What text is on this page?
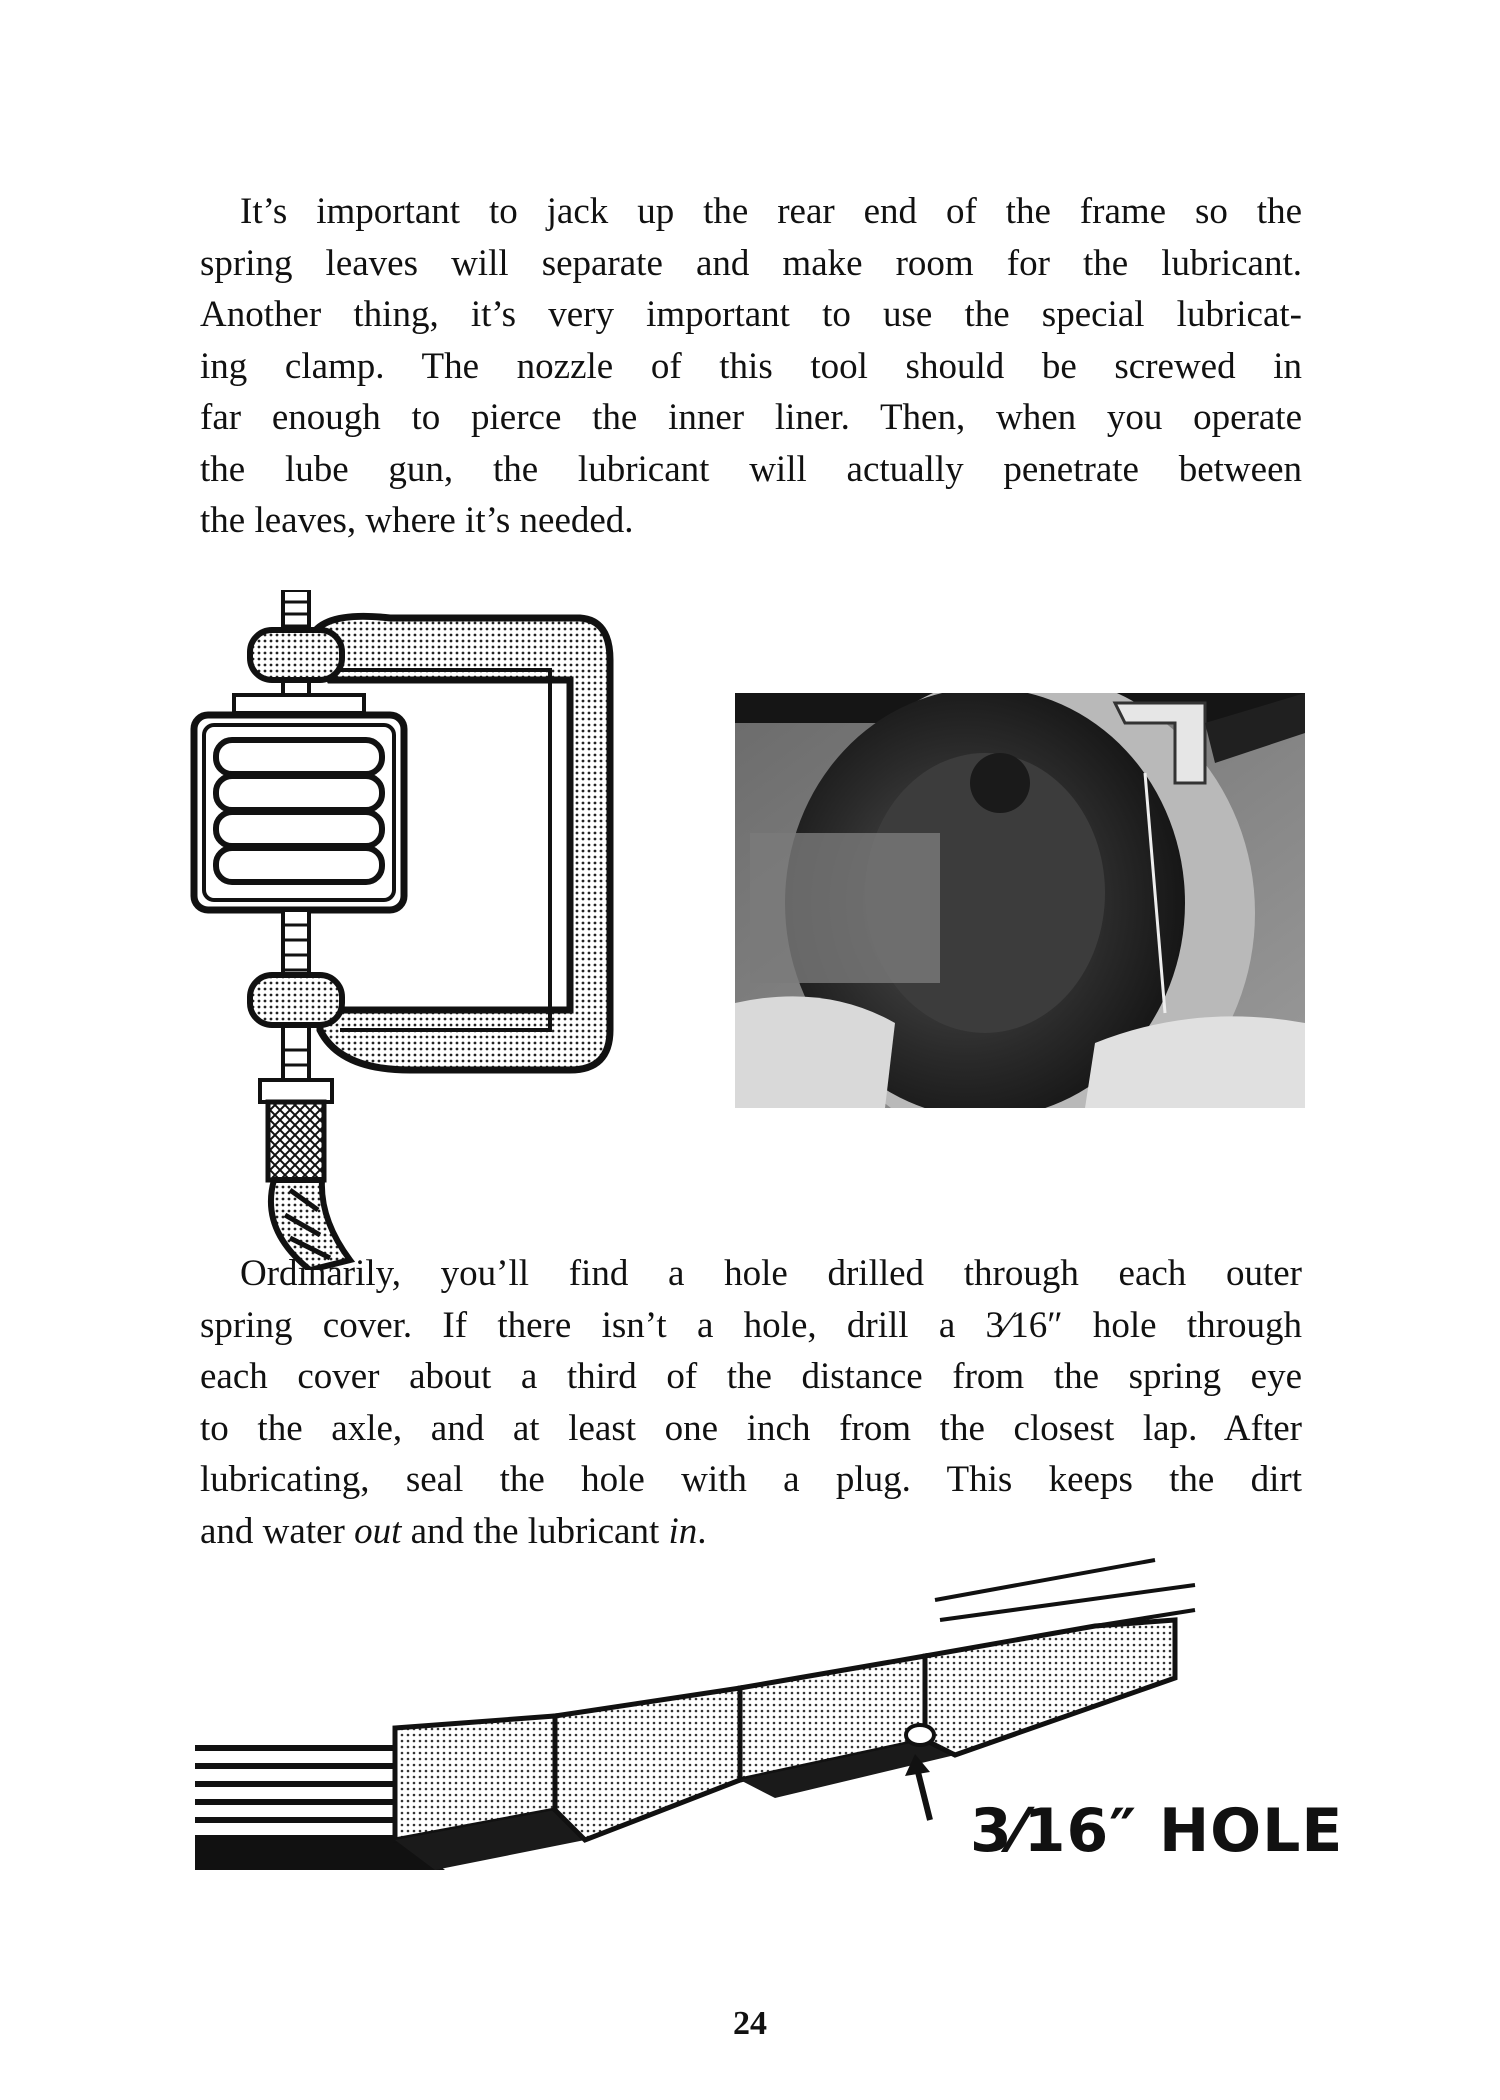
It’s important to jack up the rear end of the frame so the
spring leaves will separate and make room for the lubricant.
Another thing, it’s very important to use the special lubricat-
ing clamp. The nozzle of this tool should be screwed in
far enough to pierce the inner liner. Then, when you operate
the lube gun, the lubricant will actually penetrate between
the leaves, where it’s needed.
Ordinarily, you’ll find a hole drilled through each outer
spring cover. If there isn’t a hole, drill a 3⁄16″ hole through
each cover about a third of the distance from the spring eye
to the axle, and at least one inch from the closest lap. After
lubricating, seal the hole with a plug. This keeps the dirt
and water out and the lubricant in.
3⁄16″ HOLE
24
